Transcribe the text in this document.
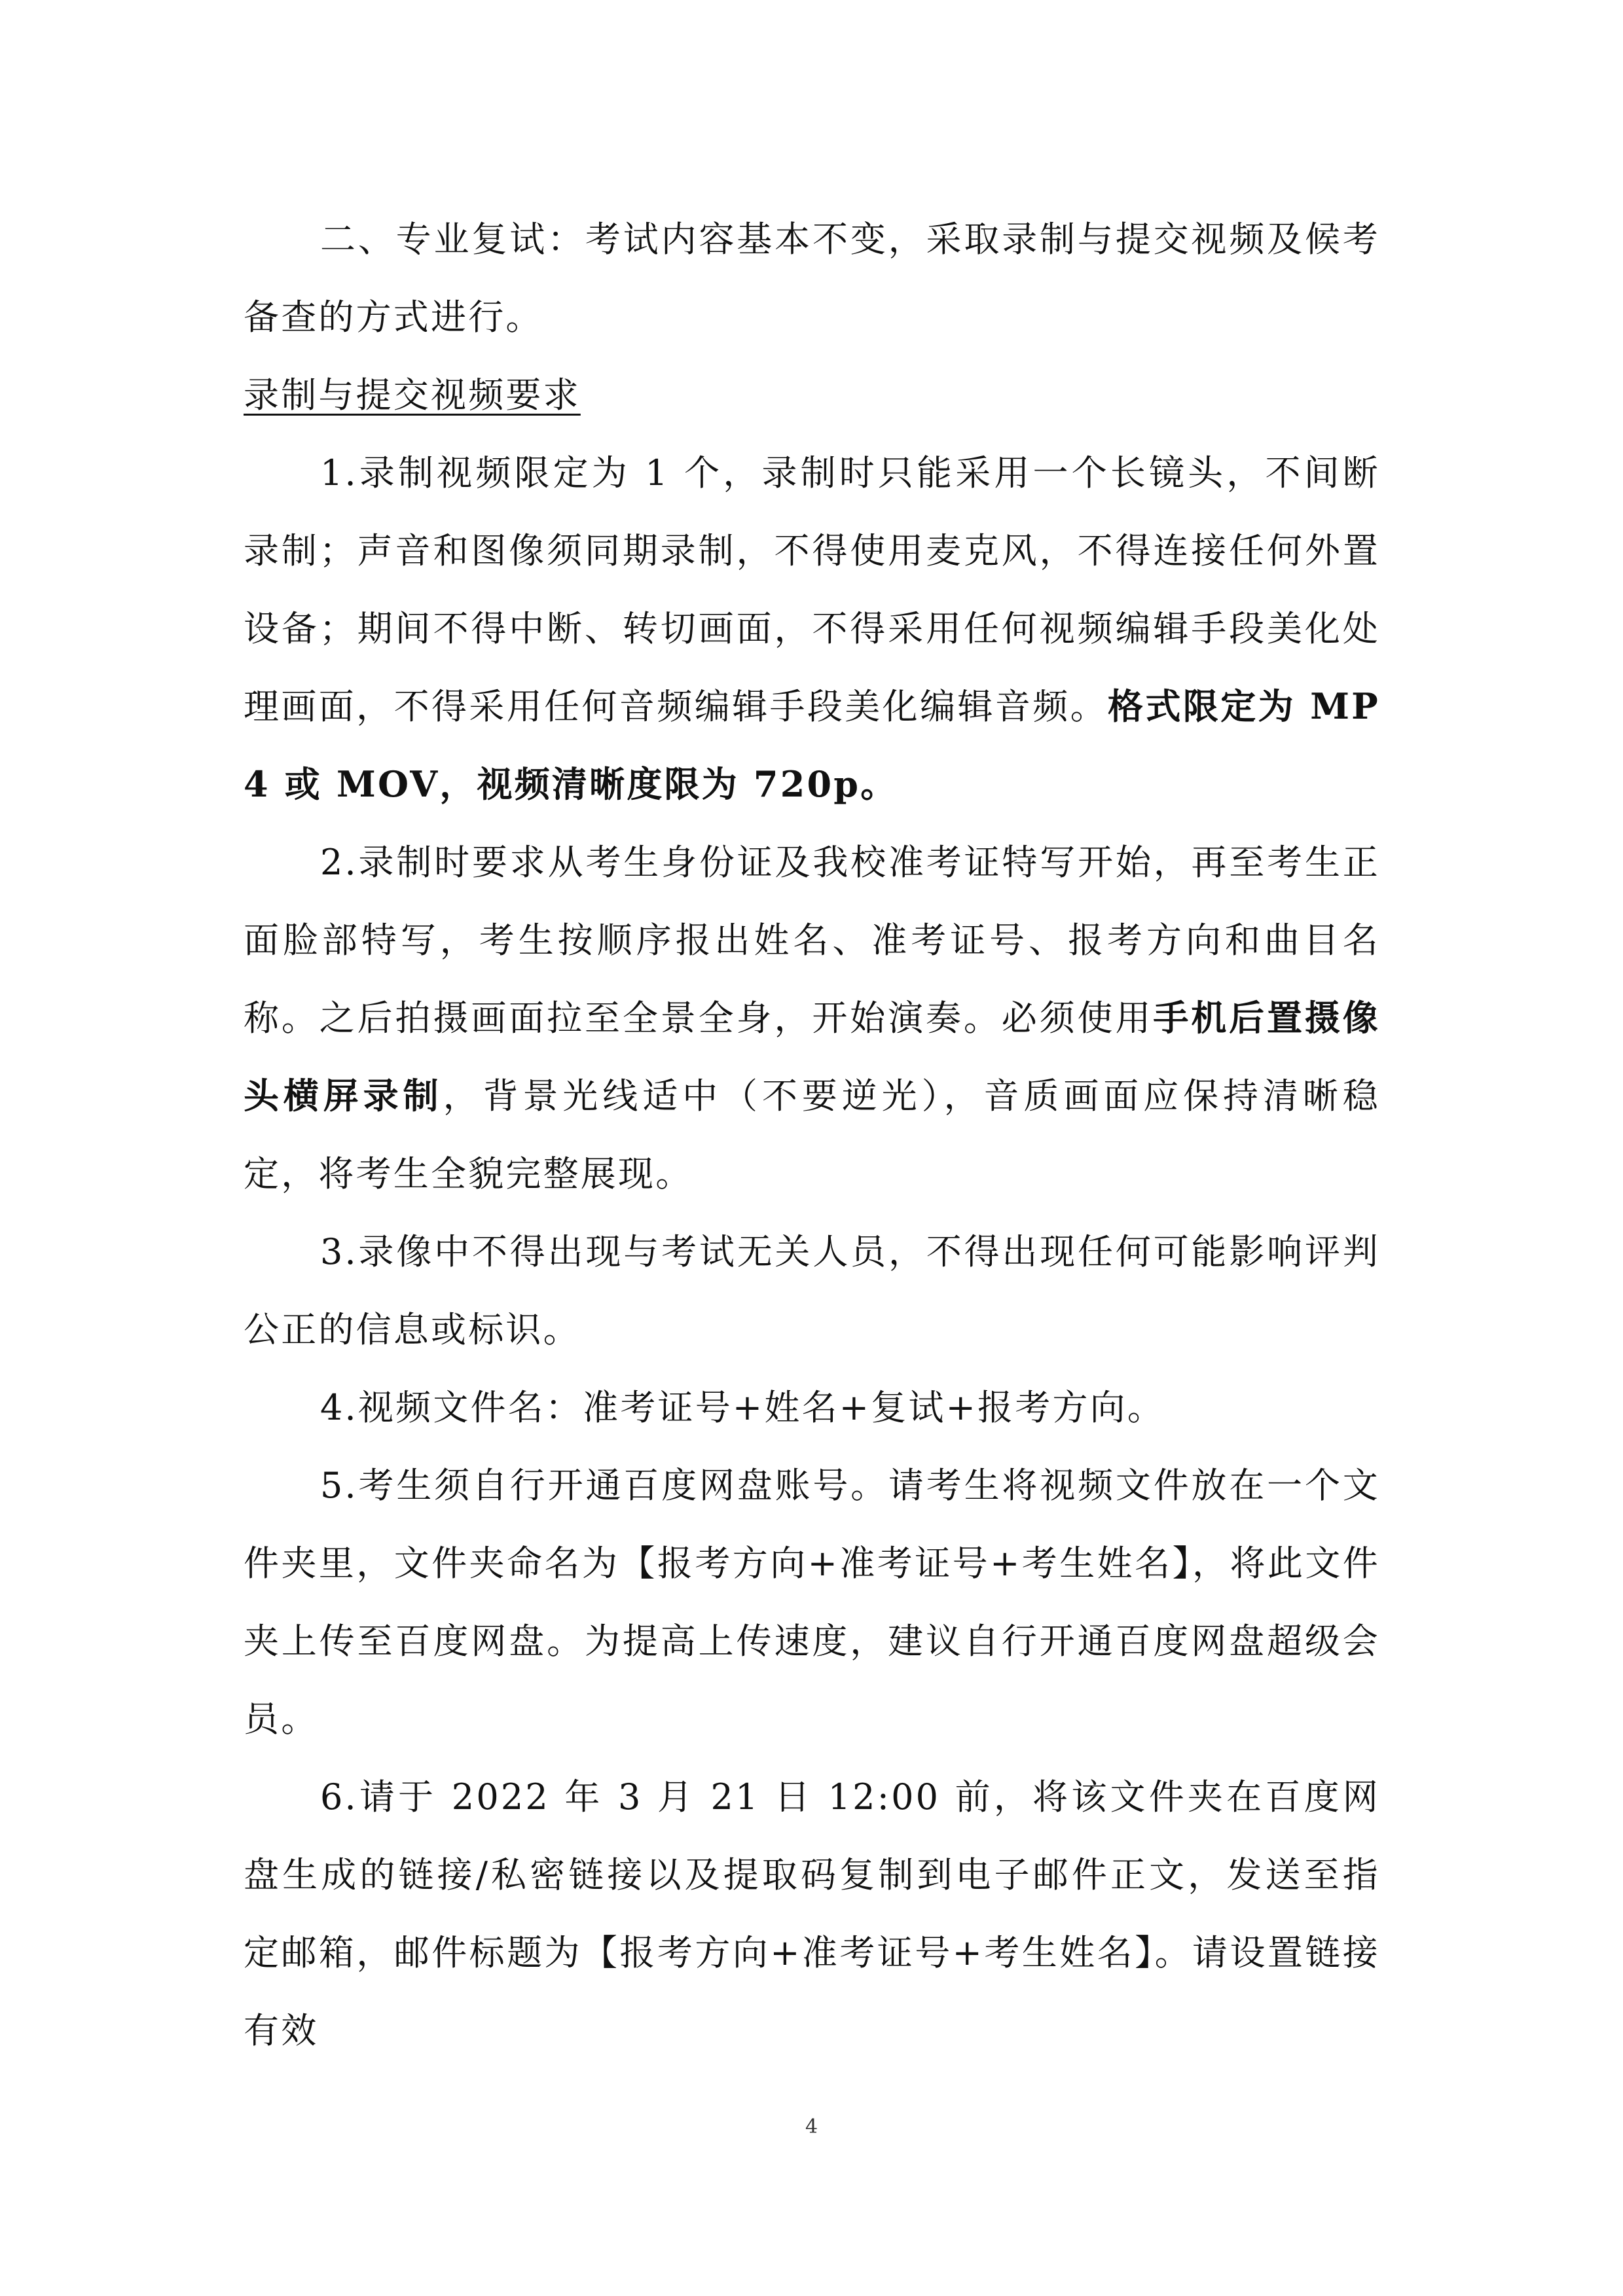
二、专业复试：考试内容基本不变，采取录制与提交视频及候考备查的方式进行。

录制与提交视频要求

1.录制视频限定为 1 个，录制时只能采用一个长镜头，不间断录制；声音和图像须同期录制，不得使用麦克风，不得连接任何外置设备；期间不得中断、转切画面，不得采用任何视频编辑手段美化处理画面，不得采用任何音频编辑手段美化编辑音频。格式限定为 MP4 或 MOV，视频清晰度限为 720p。

2.录制时要求从考生身份证及我校准考证特写开始，再至考生正面脸部特写，考生按顺序报出姓名、准考证号、报考方向和曲目名称。之后拍摄画面拉至全景全身，开始演奏。必须使用手机后置摄像头横屏录制，背景光线适中（不要逆光），音质画面应保持清晰稳定，将考生全貌完整展现。

3.录像中不得出现与考试无关人员，不得出现任何可能影响评判公正的信息或标识。

4.视频文件名：准考证号+姓名+复试+报考方向。

5.考生须自行开通百度网盘账号。请考生将视频文件放在一个文件夹里，文件夹命名为【报考方向+准考证号+考生姓名】，将此文件夹上传至百度网盘。为提高上传速度，建议自行开通百度网盘超级会员。

6.请于 2022 年 3 月 21 日 12:00 前，将该文件夹在百度网盘生成的链接/私密链接以及提取码复制到电子邮件正文，发送至指定邮箱，邮件标题为【报考方向+准考证号+考生姓名】。请设置链接有效

4
